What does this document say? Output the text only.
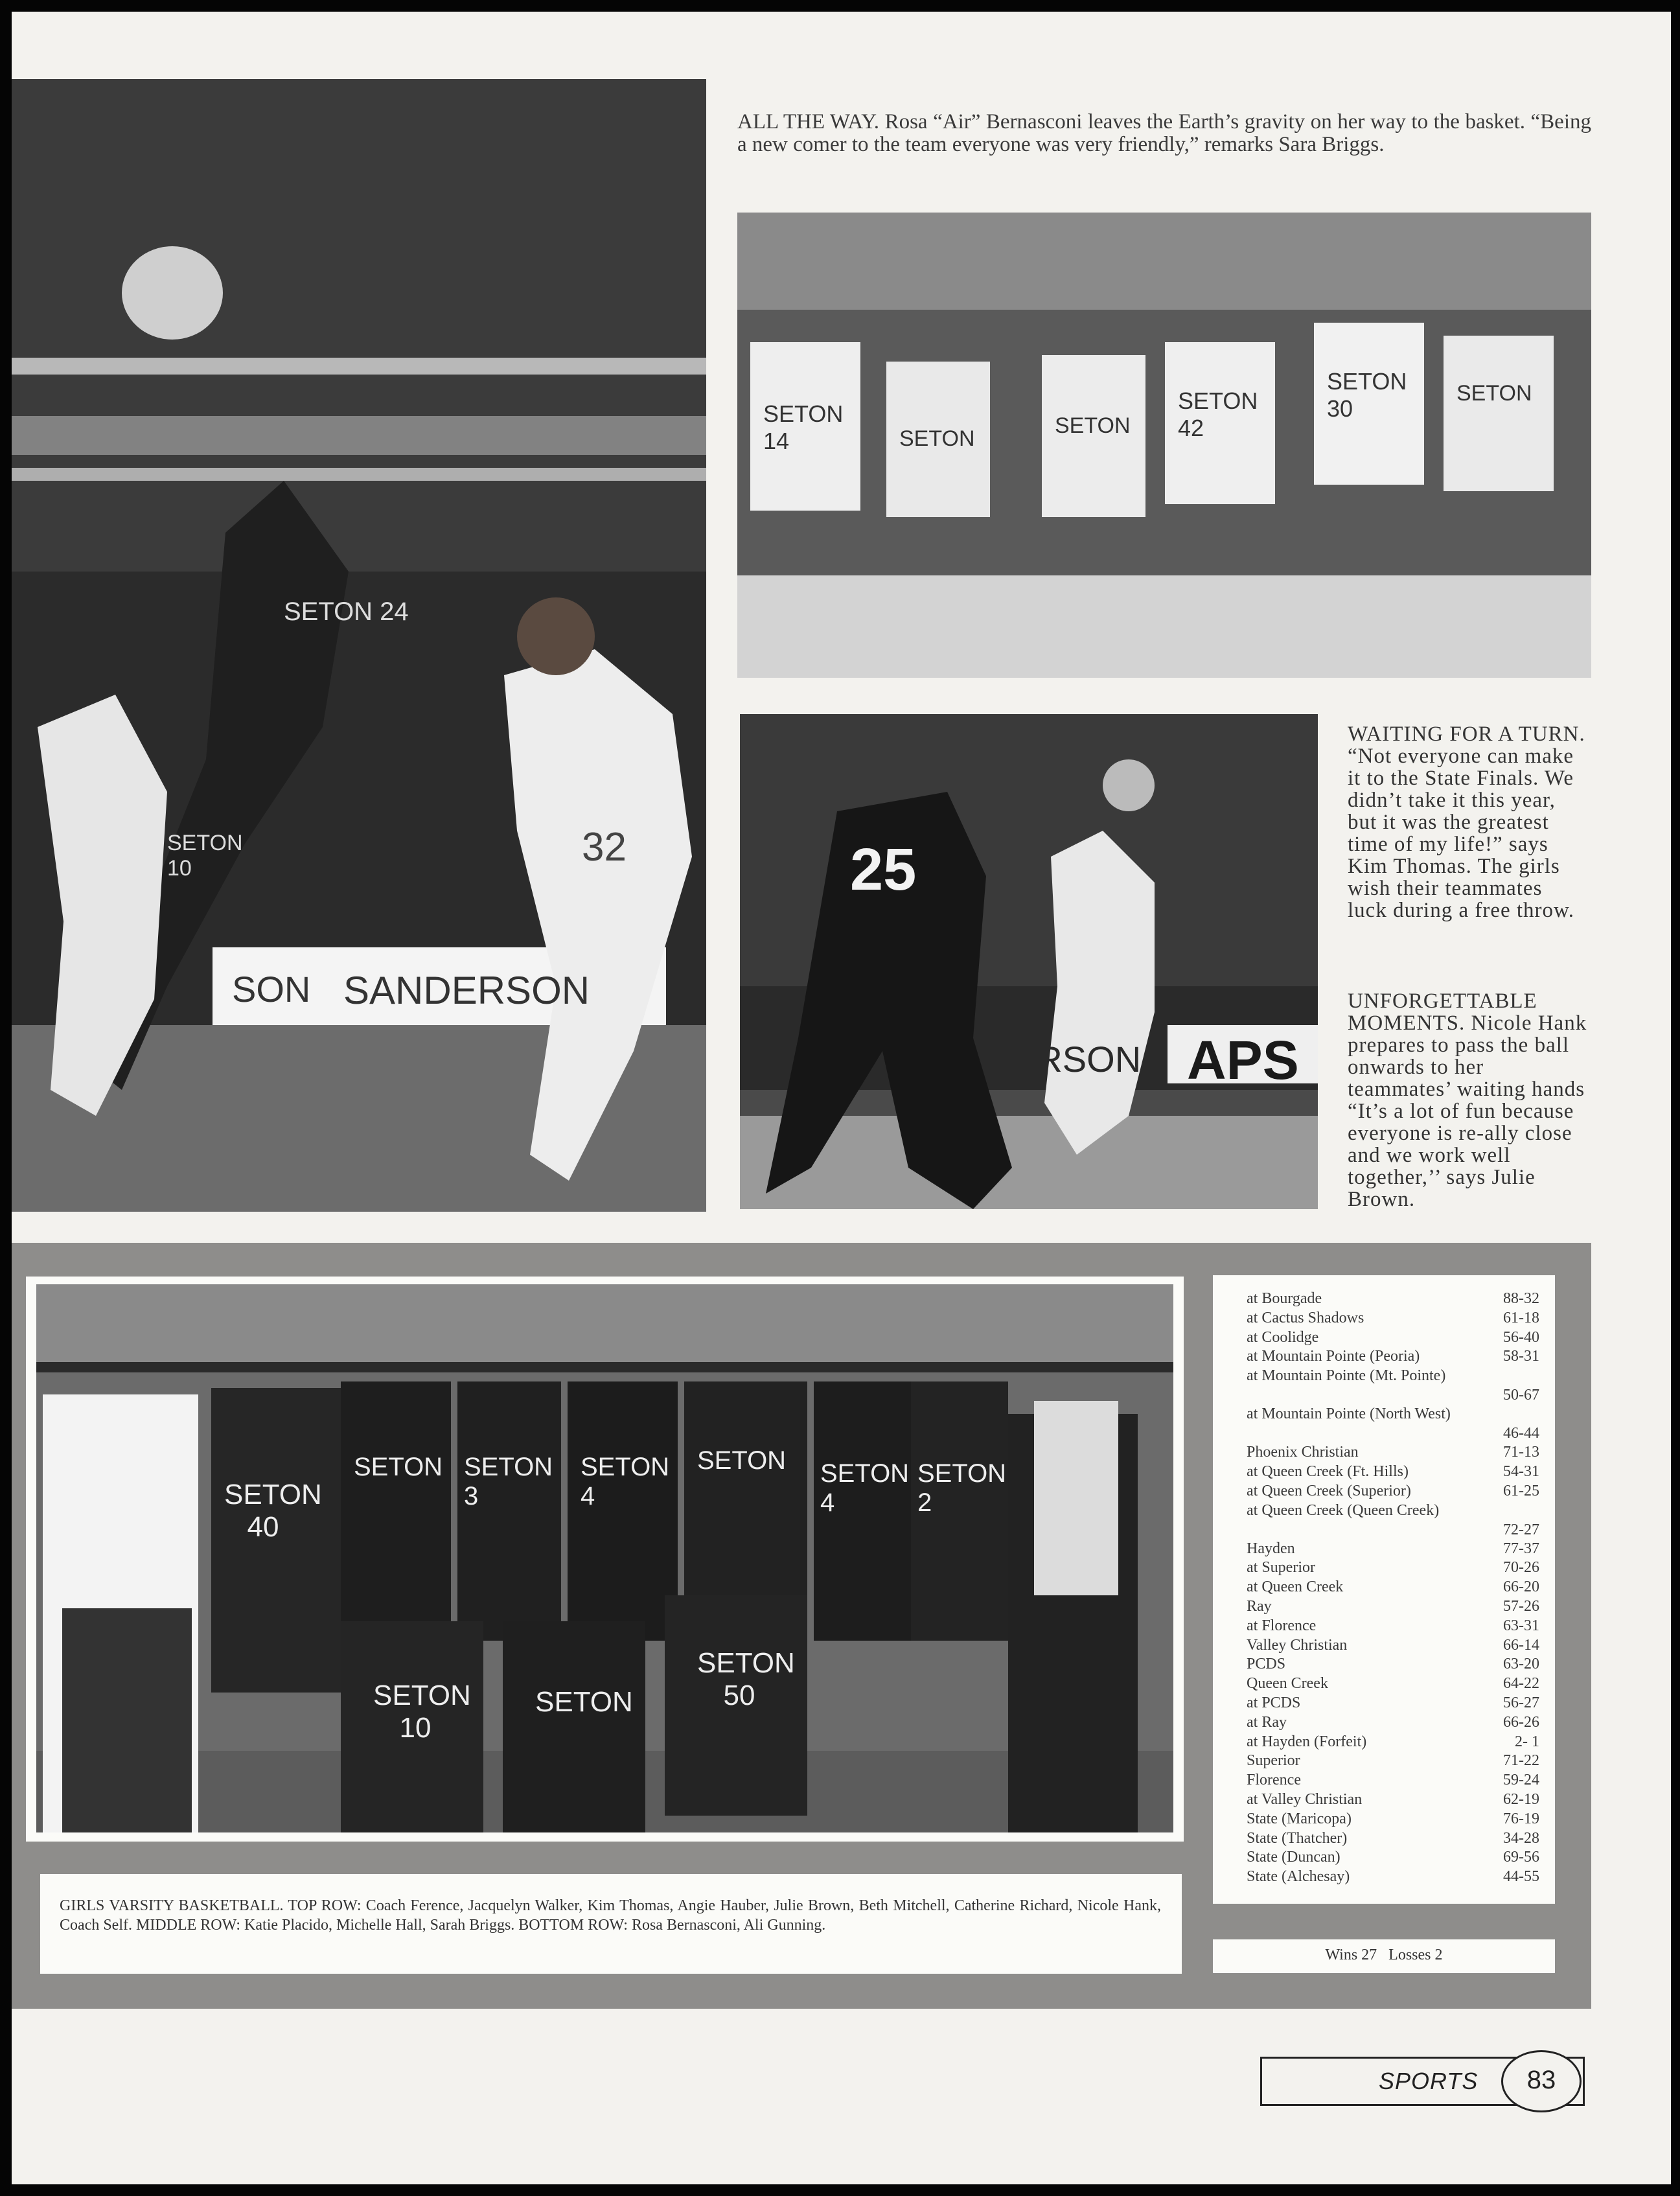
SON SANDERSON
SETON 24
32
SETON 10
ALL THE WAY. Rosa “Air” Bernasconi leaves the Earth’s gravity on her way to the basket. “Being a new comer to the team everyone was very friendly,” remarks Sara Briggs.
SETON 14	SETON
SETON
SETON 42
SETON 30
SETON
25
APS
ERSON
WAITING FOR A TURN. “Not everyone can make it to the State Finals. We didn’t take it this year, but it was the greatest time of my life!” says Kim Thomas. The girls wish their teammates luck during a free throw.
UNFORGETTABLE MOMENTS. Nicole Hank prepares to pass the ball onwards to her teammates’ waiting hands “It’s a lot of fun because everyone is re-ally close and we work well together,’’ says Julie Brown.
SETON 40
SETON SETON 3
SETON 4
SETON SETON 4
SETON 2
SETON 10
SETON
SETON 50
GIRLS VARSITY BASKETBALL. TOP ROW: Coach Ference, Jacquelyn Walker, Kim Thomas, Angie Hauber, Julie Brown, Beth Mitchell, Catherine Richard, Nicole Hank, Coach Self. MIDDLE ROW: Katie Placido, Michelle Hall, Sarah Briggs. BOTTOM ROW: Rosa Bernasconi, Ali Gunning.
at Bourgade	88-32
at Cactus Shadows	61-18
at Coolidge	56-40
at Mountain Pointe (Peoria)	58-31
at Mountain Pointe (Mt. Pointe)
50-67
at Mountain Pointe (North West)
46-44
Phoenix Christian	71-13
at Queen Creek (Ft. Hills)	54-31
at Queen Creek (Superior)	61-25
at Queen Creek (Queen Creek)
72-27
Hayden	77-37
at Superior	70-26
at Queen Creek	66-20
Ray	57-26
at Florence	63-31
Valley Christian	66-14
PCDS	63-20
Queen Creek	64-22
at PCDS	56-27
at Ray	66-26
at Hayden (Forfeit)	2- 1
Superior	71-22
Florence	59-24
at Valley Christian	62-19
State (Maricopa)	76-19
State (Thatcher)	34-28
State (Duncan)	69-56
State (Alchesay)	44-55
Wins 27   Losses 2
SPORTS	83
